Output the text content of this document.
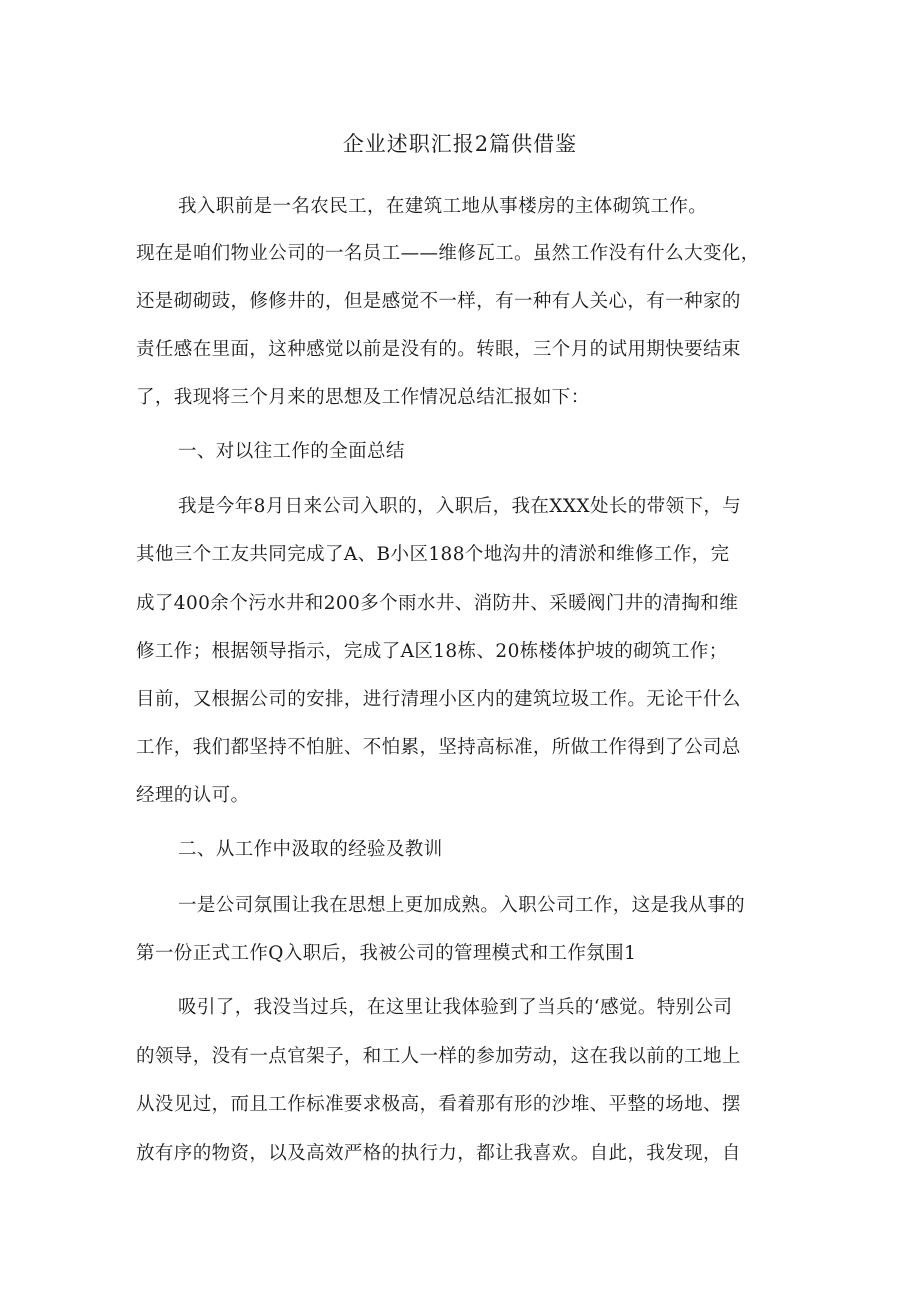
企业述职汇报2篇供借鉴
我入职前是一名农民工，在建筑工地从事楼房的主体砌筑工作。
现在是咱们物业公司的一名员工——维修瓦工。虽然工作没有什么大变化，
还是砌砌豉，修修井的，但是感觉不一样，有一种有人关心，有一种家的
责任感在里面，这种感觉以前是没有的。转眼，三个月的试用期快要结束
了，我现将三个月来的思想及工作情况总结汇报如下：
一、对以往工作的全面总结
我是今年8月日来公司入职的，入职后，我在XXX处长的带领下，与
其他三个工友共同完成了A、B小区188个地沟井的清淤和维修工作，完
成了400余个污水井和200多个雨水井、消防井、采暖阀门井的清掏和维
修工作；根据领导指示，完成了A区18栋、20栋楼体护坡的砌筑工作；
目前，又根据公司的安排，进行清理小区内的建筑垃圾工作。无论干什么
工作，我们都坚持不怕脏、不怕累，坚持高标准，所做工作得到了公司总
经理的认可。
二、从工作中汲取的经验及教训
一是公司氛围让我在思想上更加成熟。入职公司工作，这是我从事的
第一份正式工作Q入职后，我被公司的管理模式和工作氛围1
吸引了，我没当过兵，在这里让我体验到了当兵的‘感觉。特别公司
的领导，没有一点官架子，和工人一样的参加劳动，这在我以前的工地上
从没见过，而且工作标准要求极高，看着那有形的沙堆、平整的场地、摆
放有序的物资，以及高效严格的执行力，都让我喜欢。自此，我发现，自
